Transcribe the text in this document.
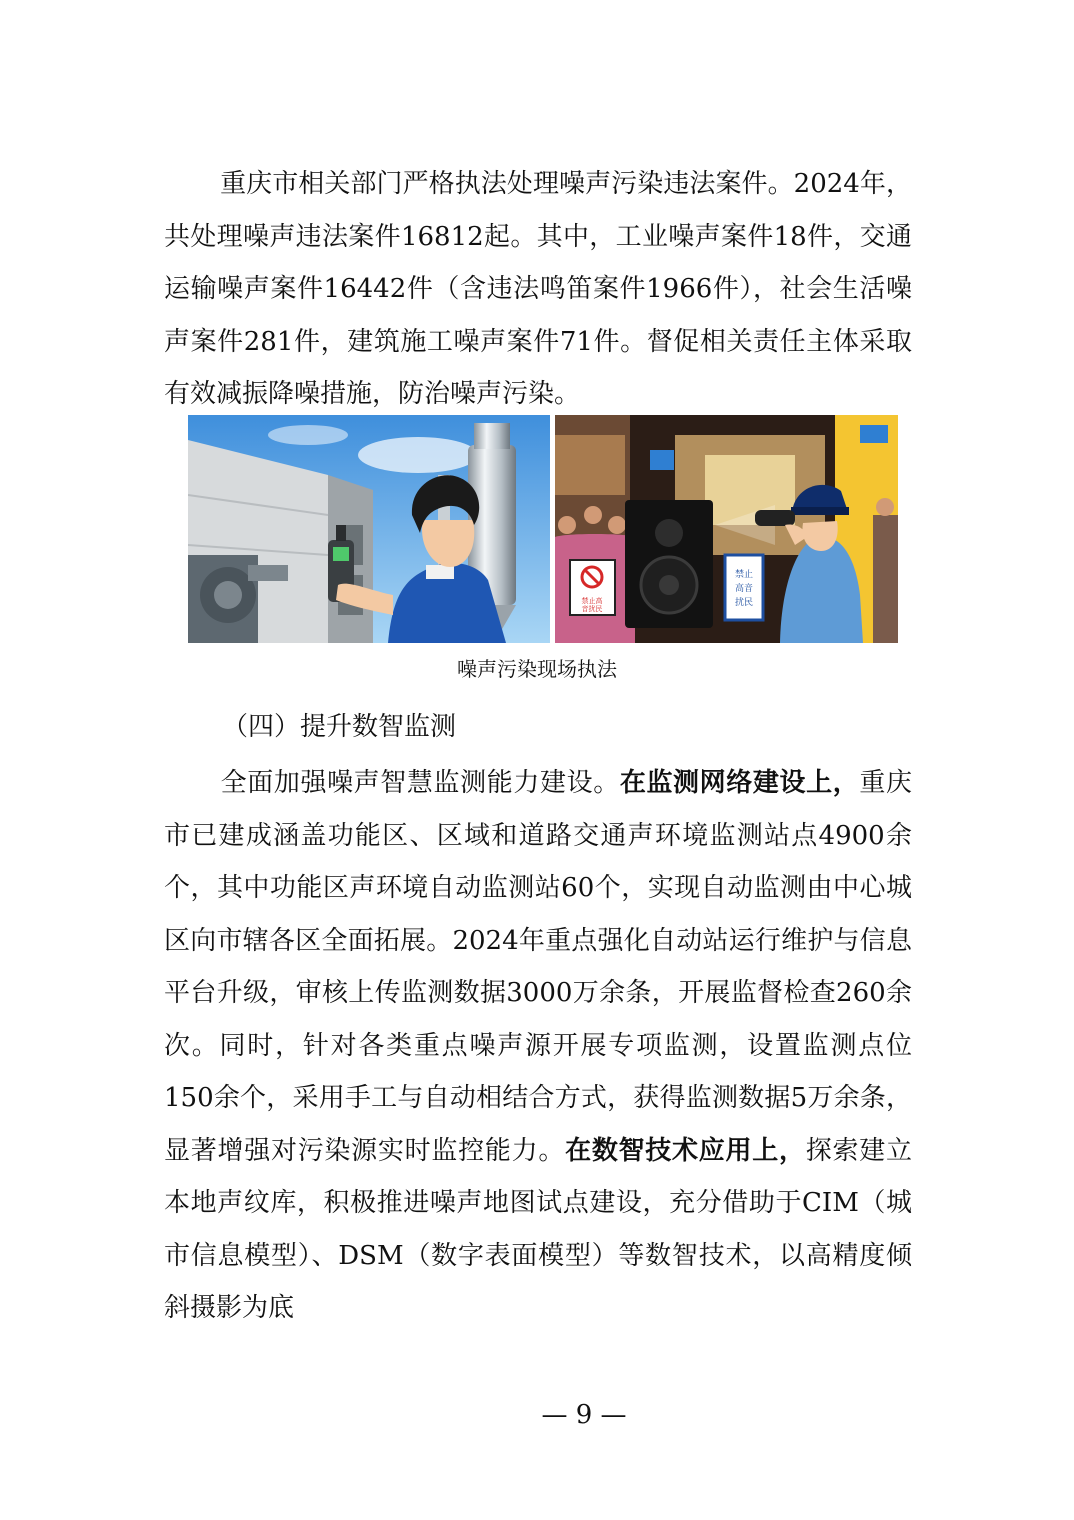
重庆市相关部门严格执法处理噪声污染违法案件。2024年，共处理噪声违法案件16812起。其中，工业噪声案件18件，交通运输噪声案件16442件（含违法鸣笛案件1966件），社会生活噪声案件281件，建筑施工噪声案件71件。督促相关责任主体采取有效减振降噪措施，防治噪声污染。

禁止高
音扰民
禁止
高音
扰民
噪声污染现场执法
（四）提升数智监测

全面加强噪声智慧监测能力建设。在监测网络建设上，重庆市已建成涵盖功能区、区域和道路交通声环境监测站点4900余个，其中功能区声环境自动监测站60个，实现自动监测由中心城区向市辖各区全面拓展。2024年重点强化自动站运行维护与信息平台升级，审核上传监测数据3000万余条，开展监督检查260余次。同时，针对各类重点噪声源开展专项监测，设置监测点位150余个，采用手工与自动相结合方式，获得监测数据5万余条，显著增强对污染源实时监控能力。在数智技术应用上，探索建立本地声纹库，积极推进噪声地图试点建设，充分借助于CIM（城市信息模型）、DSM（数字表面模型）等数智技术，以高精度倾斜摄影为底

— 9 —
